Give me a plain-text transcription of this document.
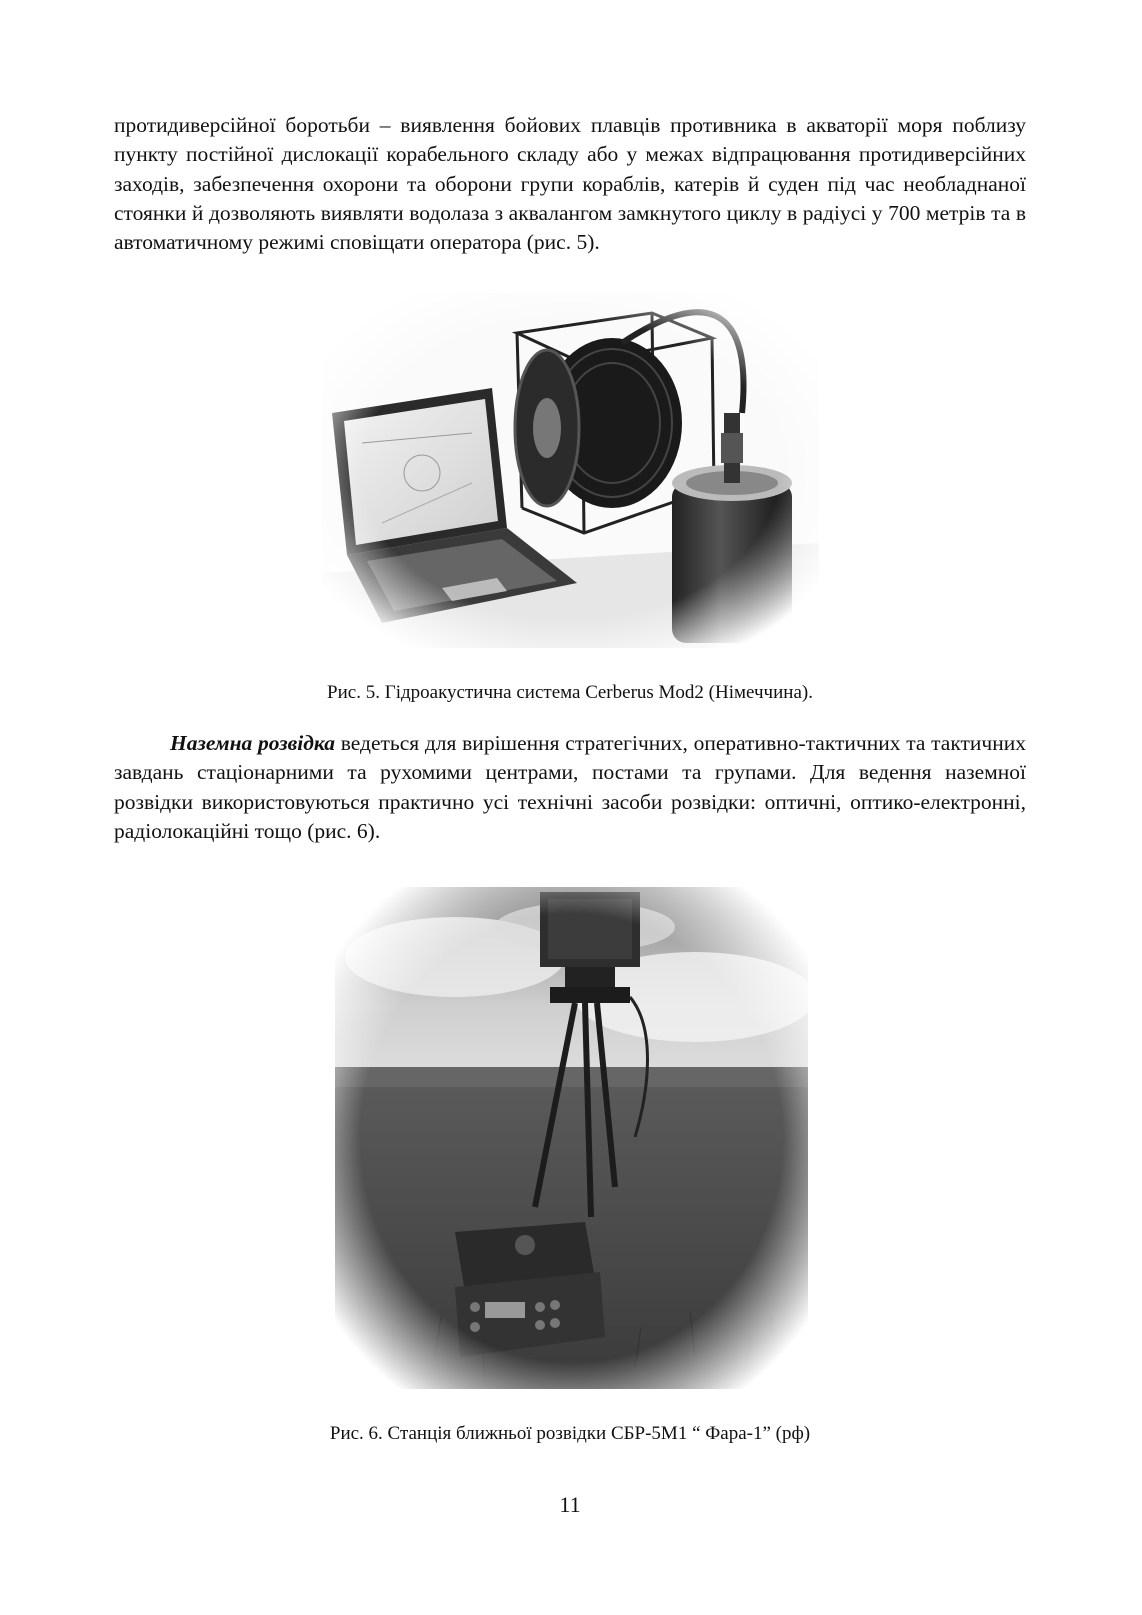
протидиверсійної боротьби – виявлення бойових плавців противника в акваторії моря поблизу пункту постійної дислокації корабельного складу або у межах відпрацювання протидиверсійних заходів, забезпечення охорони та оборони групи кораблів, катерів й суден під час необладнаної стоянки й дозволяють виявляти водолаза з аквалангом замкнутого циклу в радіусі у 700 метрів та в автоматичному режимі сповіщати оператора (рис. 5).

Рис. 5. Гідроакустична система Cerberus Mod2 (Німеччина).

Наземна розвідка ведеться для вирішення стратегічних, оперативно-тактичних та тактичних завдань стаціонарними та рухомими центрами, постами та групами. Для ведення наземної розвідки використовуються практично усі технічні засоби розвідки: оптичні, оптико-електронні, радіолокаційні тощо (рис. 6).

Рис. 6. Станція ближньої розвідки СБР-5М1 “ Фара-1” (рф)

11
